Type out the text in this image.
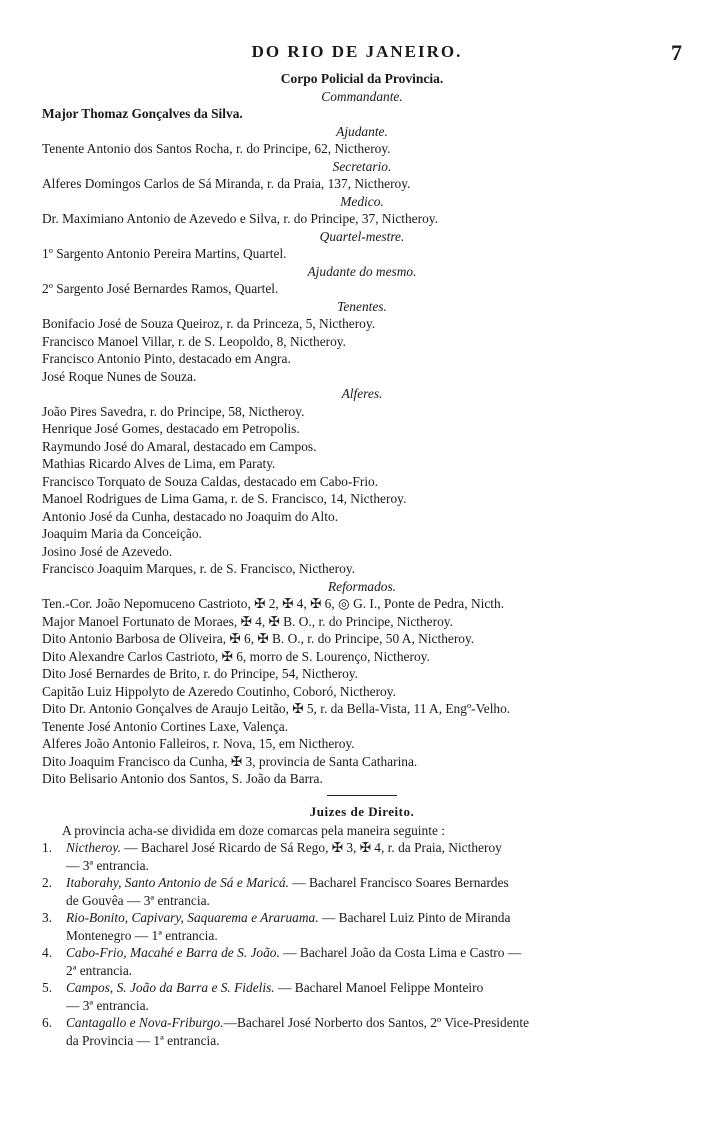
DO RIO DE JANEIRO.	7
Corpo Policial da Provincia.
Commandante.
Major Thomaz Gonçalves da Silva.
Ajudante.
Tenente Antonio dos Santos Rocha, r. do Principe, 62, Nictheroy.
Secretario.
Alferes Domingos Carlos de Sá Miranda, r. da Praia, 137, Nictheroy.
Medico.
Dr. Maximiano Antonio de Azevedo e Silva, r. do Principe, 37, Nictheroy.
Quartel-mestre.
1º Sargento Antonio Pereira Martins, Quartel.
Ajudante do mesmo.
2º Sargento José Bernardes Ramos, Quartel.
Tenentes.
Bonifacio José de Souza Queiroz, r. da Princeza, 5, Nictheroy.
Francisco Manoel Villar, r. de S. Leopoldo, 8, Nictheroy.
Francisco Antonio Pinto, destacado em Angra.
José Roque Nunes de Souza.
Alferes.
João Pires Savedra, r. do Principe, 58, Nictheroy.
Henrique José Gomes, destacado em Petropolis.
Raymundo José do Amaral, destacado em Campos.
Mathias Ricardo Alves de Lima, em Paraty.
Francisco Torquato de Souza Caldas, destacado em Cabo-Frio.
Manoel Rodrigues de Lima Gama, r. de S. Francisco, 14, Nictheroy.
Antonio José da Cunha, destacado no Joaquim do Alto.
Joaquim Maria da Conceição.
Josino José de Azevedo.
Francisco Joaquim Marques, r. de S. Francisco, Nictheroy.
Reformados.
Ten.-Cor. João Nepomuceno Castrioto, ✠ 2, ✠ 4, ✠ 6, ◎ G. I., Ponte de Pedra, Nicth.
Major Manoel Fortunato de Moraes, ✠ 4, ✠ B. O., r. do Principe, Nictheroy.
Dito Antonio Barbosa de Oliveira, ✠ 6, ✠ B. O., r. do Principe, 50 A, Nictheroy.
Dito Alexandre Carlos Castrioto, ✠ 6, morro de S. Lourenço, Nictheroy.
Dito José Bernardes de Brito, r. do Principe, 54, Nictheroy.
Capitão Luiz Hippolyto de Azeredo Coutinho, Coboró, Nictheroy.
Dito Dr. Antonio Gonçalves de Araujo Leitão, ✠ 5, r. da Bella-Vista, 11 A, Engº-Velho.
Tenente José Antonio Cortines Laxe, Valença.
Alferes João Antonio Falleiros, r. Nova, 15, em Nictheroy.
Dito Joaquim Francisco da Cunha, ✠ 3, provincia de Santa Catharina.
Dito Belisario Antonio dos Santos, S. João da Barra.
Juizes de Direito.
A provincia acha-se dividida em doze comarcas pela maneira seguinte :
1. Nictheroy. — Bacharel José Ricardo de Sá Rego, ✠ 3, ✠ 4, r. da Praia, Nictheroy
— 3ª entrancia.
2. Itaborahy, Santo Antonio de Sá e Maricá. — Bacharel Francisco Soares Bernardes
de Gouvêa — 3ª entrancia.
3. Rio-Bonito, Capivary, Saquarema e Araruama. — Bacharel Luiz Pinto de Miranda
Montenegro — 1ª entrancia.
4. Cabo-Frio, Macahé e Barra de S. João. — Bacharel João da Costa Lima e Castro —
2ª entrancia.
5. Campos, S. João da Barra e S. Fidelis. — Bacharel Manoel Felippe Monteiro
— 3ª entrancia.
6. Cantagallo e Nova-Friburgo.—Bacharel José Norberto dos Santos, 2º Vice-Presidente
da Provincia — 1ª entrancia.
